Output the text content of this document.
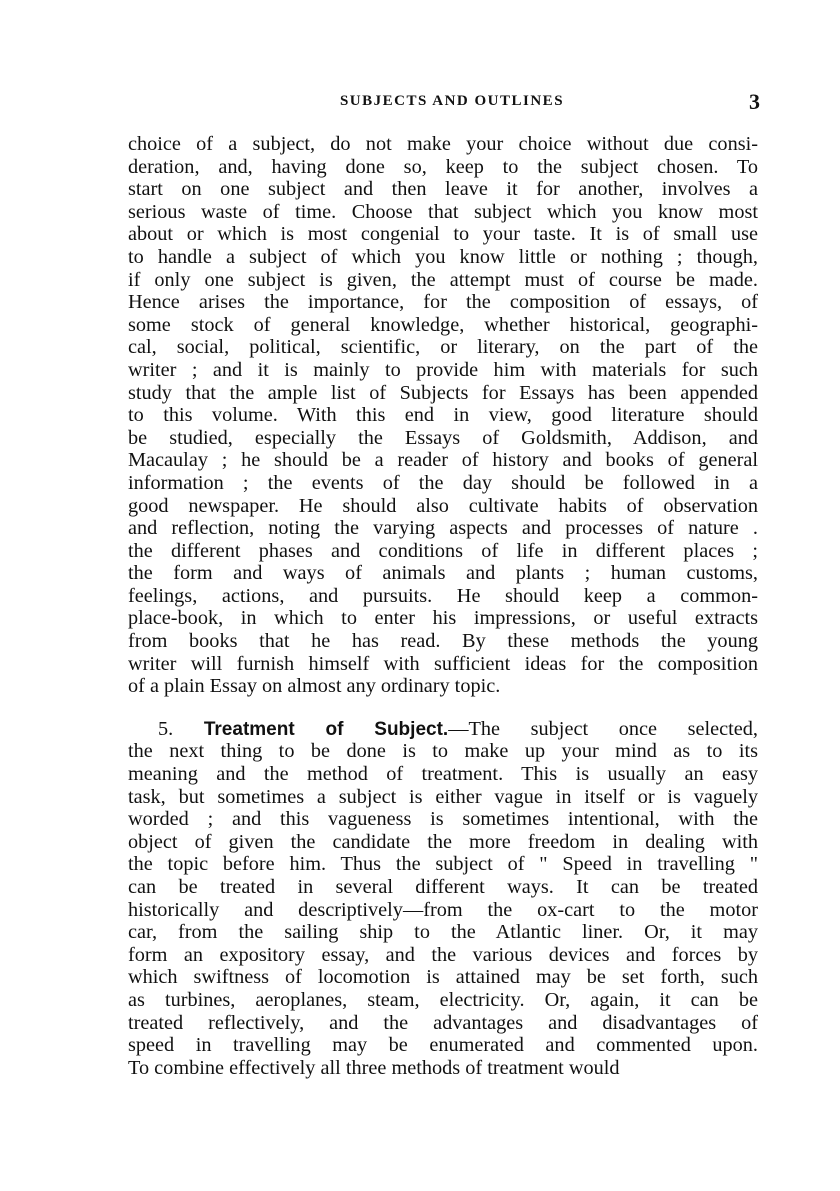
SUBJECTS AND OUTLINES	3
choice of a subject, do not make your choice without due consi-
deration, and, having done so, keep to the subject chosen. To
start on one subject and then leave it for another, involves a
serious waste of time. Choose that subject which you know most
about or which is most congenial to your taste. It is of small use
to handle a subject of which you know little or nothing ; though,
if only one subject is given, the attempt must of course be made.
Hence arises the importance, for the composition of essays, of
some stock of general knowledge, whether historical, geographi-
cal, social, political, scientific, or literary, on the part of the
writer ; and it is mainly to provide him with materials for such
study that the ample list of Subjects for Essays has been appended
to this volume. With this end in view, good literature should
be studied, especially the Essays of Goldsmith, Addison, and
Macaulay ; he should be a reader of history and books of general
information ; the events of the day should be followed in a
good newspaper. He should also cultivate habits of observation
and reflection, noting the varying aspects and processes of nature .
the different phases and conditions of life in different places ;
the form and ways of animals and plants ; human customs,
feelings, actions, and pursuits. He should keep a common-
place-book, in which to enter his impressions, or useful extracts
from books that he has read. By these methods the young
writer will furnish himself with sufficient ideas for the composition
of a plain Essay on almost any ordinary topic.
5. Treatment of Subject.—The subject once selected,
the next thing to be done is to make up your mind as to its
meaning and the method of treatment. This is usually an easy
task, but sometimes a subject is either vague in itself or is vaguely
worded ; and this vagueness is sometimes intentional, with the
object of given the candidate the more freedom in dealing with
the topic before him. Thus the subject of " Speed in travelling "
can be treated in several different ways. It can be treated
historically and descriptively—from the ox-cart to the motor
car, from the sailing ship to the Atlantic liner. Or, it may
form an expository essay, and the various devices and forces by
which swiftness of locomotion is attained may be set forth, such
as turbines, aeroplanes, steam, electricity. Or, again, it can be
treated reflectively, and the advantages and disadvantages of
speed in travelling may be enumerated and commented upon.
To combine effectively all three methods of treatment would
